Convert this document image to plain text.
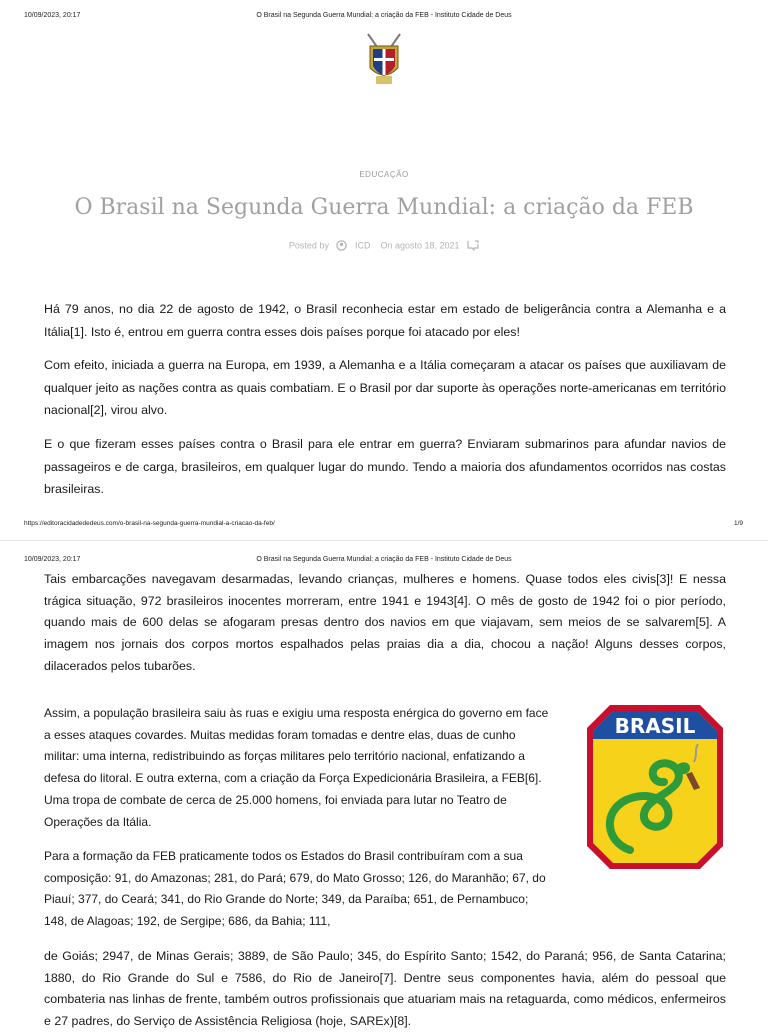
10/09/2023, 20:17	O Brasil na Segunda Guerra Mundial: a criação da FEB - Instituto Cidade de Deus
EDUCAÇÃO
O Brasil na Segunda Guerra Mundial: a criação da FEB
Posted by	ICD On agosto 18, 2021
Há 79 anos, no dia 22 de agosto de 1942, o Brasil reconhecia estar em estado de beligerância contra a Alemanha e a Itália[1]. Isto é, entrou em guerra contra esses dois países porque foi atacado por eles!
Com efeito, iniciada a guerra na Europa, em 1939, a Alemanha e a Itália começaram a atacar os países que auxiliavam de qualquer jeito as nações contra as quais combatiam. E o Brasil por dar suporte às operações norte-americanas em território nacional[2], virou alvo.
E o que fizeram esses países contra o Brasil para ele entrar em guerra? Enviaram submarinos para afundar navios de passageiros e de carga, brasileiros, em qualquer lugar do mundo. Tendo a maioria dos afundamentos ocorridos nas costas brasileiras.
https://editoracidadededeus.com/o-brasil-na-segunda-guerra-mundial-a-criacao-da-feb/	1/9
10/09/2023, 20:17	O Brasil na Segunda Guerra Mundial: a criação da FEB - Instituto Cidade de Deus
Tais embarcações navegavam desarmadas, levando crianças, mulheres e homens. Quase todos eles civis[3]! E nessa trágica situação, 972 brasileiros inocentes morreram, entre 1941 e 1943[4]. O mês de gosto de 1942 foi o pior período, quando mais de 600 delas se afogaram presas dentro dos navios em que viajavam, sem meios de se salvarem[5]. A imagem nos jornais dos corpos mortos espalhados pelas praias dia a dia, chocou a nação! Alguns desses corpos, dilacerados pelos tubarões.
Assim, a população brasileira saiu às ruas e exigiu uma resposta enérgica do governo em face a esses ataques covardes. Muitas medidas foram tomadas e dentre elas, duas de cunho militar: uma interna, redistribuindo as forças militares pelo território nacional, enfatizando a defesa do litoral. E outra externa, com a criação da Força Expedicionária Brasileira, a FEB[6]. Uma tropa de combate de cerca de 25.000 homens, foi enviada para lutar no Teatro de Operações da Itália.
Para a formação da FEB praticamente todos os Estados do Brasil contribuíram com a sua composição: 91, do Amazonas; 281, do Pará; 679, do Mato Grosso; 126, do Maranhão; 67, do Piauí; 377, do Ceará; 341, do Rio Grande do Norte; 349, da Paraíba; 651, de Pernambuco; 148, de Alagoas; 192, de Sergipe; 686, da Bahia; 111,
BRASIL
de Goiás; 2947, de Minas Gerais; 3889, de São Paulo; 345, do Espírito Santo; 1542, do Paraná; 956, de Santa Catarina; 1880, do Rio Grande do Sul e 7586, do Rio de Janeiro[7]. Dentre seus componentes havia, além do pessoal que combateria nas linhas de frente, também outros profissionais que atuariam mais na retaguarda, como médicos, enfermeiros e 27 padres, do Serviço de Assistência Religiosa (hoje, SAREx)[8].
